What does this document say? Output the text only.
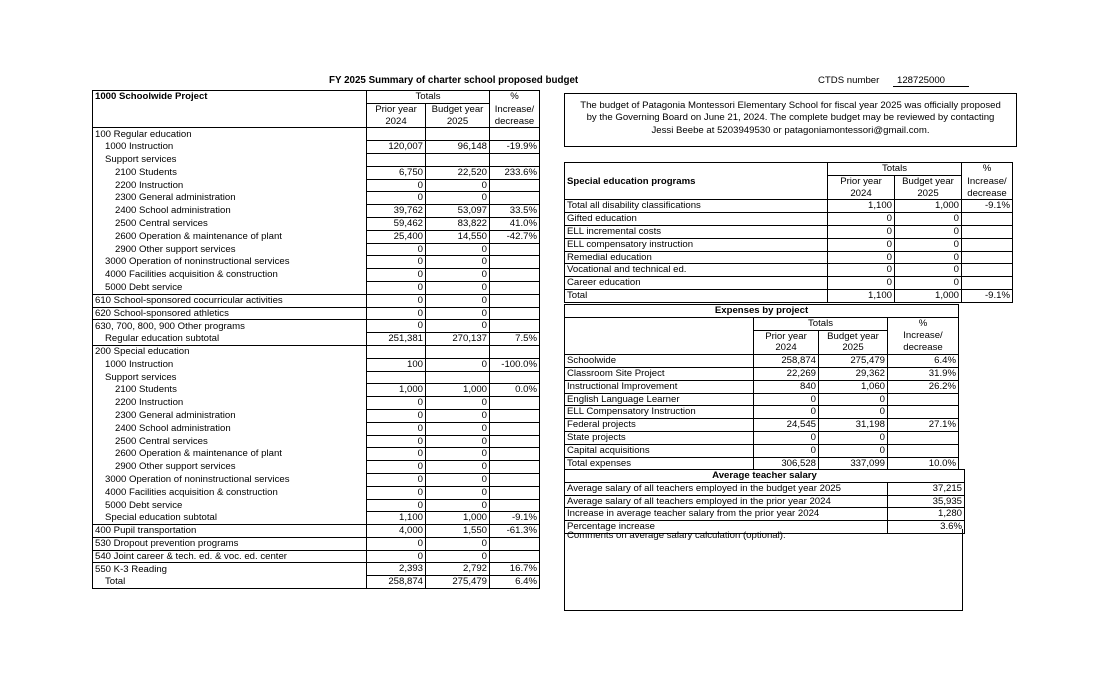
FY 2025 Summary of charter school proposed budget	CTDS number	128725000
1000 Schoolwide Project	Totals		%
	Prior year	Budget year	Increase/
	2024	2025	decrease
100 Regular education			
1000 Instruction	120,007	96,148	-19.9%
Support services			
2100 Students	6,750	22,520	233.6%
2200 Instruction	0	0	
2300 General administration	0	0	
2400 School administration	39,762	53,097	33.5%
2500 Central services	59,462	83,822	41.0%
2600 Operation & maintenance of plant	25,400	14,550	-42.7%
2900 Other support services	0	0	
3000 Operation of noninstructional services	0	0	
4000 Facilities acquisition & construction	0	0	
5000 Debt service	0	0	
610 School-sponsored cocurricular activities	0	0	
620 School-sponsored athletics	0	0	
630, 700, 800, 900 Other programs	0	0	
Regular education subtotal	251,381	270,137	7.5%
200 Special education			
1000 Instruction	100	0	-100.0%
Support services			
2100 Students	1,000	1,000	0.0%
2200 Instruction	0	0	
2300 General administration	0	0	
2400 School administration	0	0	
2500 Central services	0	0	
2600 Operation & maintenance of plant	0	0	
2900 Other support services	0	0	
3000 Operation of noninstructional services	0	0	
4000 Facilities acquisition & construction	0	0	
5000 Debt service	0	0	
Special education subtotal	1,100	1,000	-9.1%
400 Pupil transportation	4,000	1,550	-61.3%
530 Dropout prevention programs	0	0	
540 Joint career & tech. ed. & voc. ed. center	0	0	
550 K-3 Reading	2,393	2,792	16.7%
Total	258,874	275,479	6.4%
The budget of Patagonia Montessori Elementary School for fiscal year 2025 was officially proposed
by the Governing Board on June 21, 2024. The complete budget may be reviewed by contacting
Jessi Beebe at 5203949530 or patagoniamontessori@gmail.com.
	Totals		%
Special education programs	Prior year	Budget year	Increase/
	2024	2025	decrease
Total all disability classifications	1,100	1,000	-9.1%
Gifted education	0	0	
ELL incremental costs	0	0	
ELL compensatory instruction	0	0	
Remedial education	0	0	
Vocational and technical ed.	0	0	
Career education	0	0	
Total	1,100	1,000	-9.1%
Expenses by project			
	Totals		%
	Prior year	Budget year	Increase/
	2024	2025	decrease
Schoolwide	258,874	275,479	6.4%
Classroom Site Project	22,269	29,362	31.9%
Instructional Improvement	840	1,060	26.2%
English Language Learner	0	0	
ELL Compensatory Instruction	0	0	
Federal projects	24,545	31,198	27.1%
State projects	0	0	
Capital acquisitions	0	0	
Total expenses	306,528	337,099	10.0%
Average teacher salary	
Average salary of all teachers employed in the budget year 2025	37,215
Average salary of all teachers employed in the prior year 2024	35,935
Increase in average teacher salary from the prior year 2024	1,280
Percentage increase	3.6%
Comments on average salary calculation (optional):
